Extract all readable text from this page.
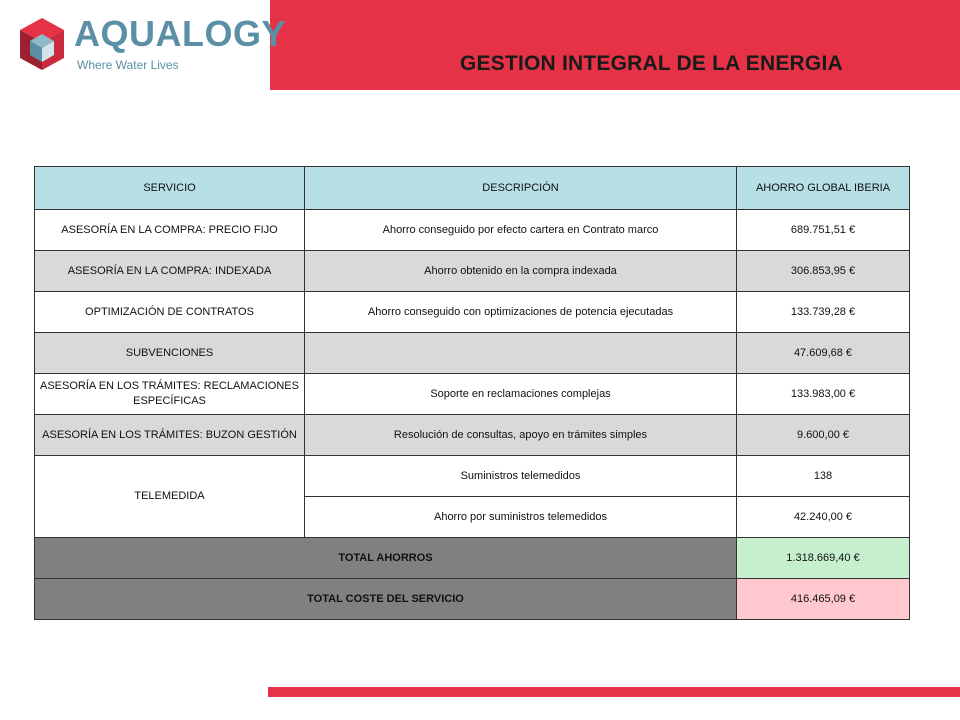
AQUALOGY
Where Water Lives	GESTION INTEGRAL DE LA ENERGIA
SERVICIO	DESCRIPCIÓN	AHORRO GLOBAL IBERIA
ASESORÍA EN LA COMPRA: PRECIO FIJO	Ahorro conseguido por efecto cartera en Contrato marco	689.751,51 €
ASESORÍA EN LA COMPRA: INDEXADA	Ahorro obtenido en la compra indexada	306.853,95 €
OPTIMIZACIÓN DE CONTRATOS	Ahorro conseguido con optimizaciones de potencia ejecutadas	133.739,28 €
SUBVENCIONES		47.609,68 €
ASESORÍA EN LOS TRÁMITES: RECLAMACIONES ESPECÍFICAS	Soporte en reclamaciones complejas	133.983,00 €
ASESORÍA EN LOS TRÁMITES: BUZON GESTIÓN	Resolución de consultas, apoyo en trámites simples	9.600,00 €
TELEMEDIDA	Suministros telemedidos	138
	Ahorro por suministros telemedidos	42.240,00 €
TOTAL AHORROS		1.318.669,40 €
TOTAL COSTE DEL SERVICIO		416.465,09 €
